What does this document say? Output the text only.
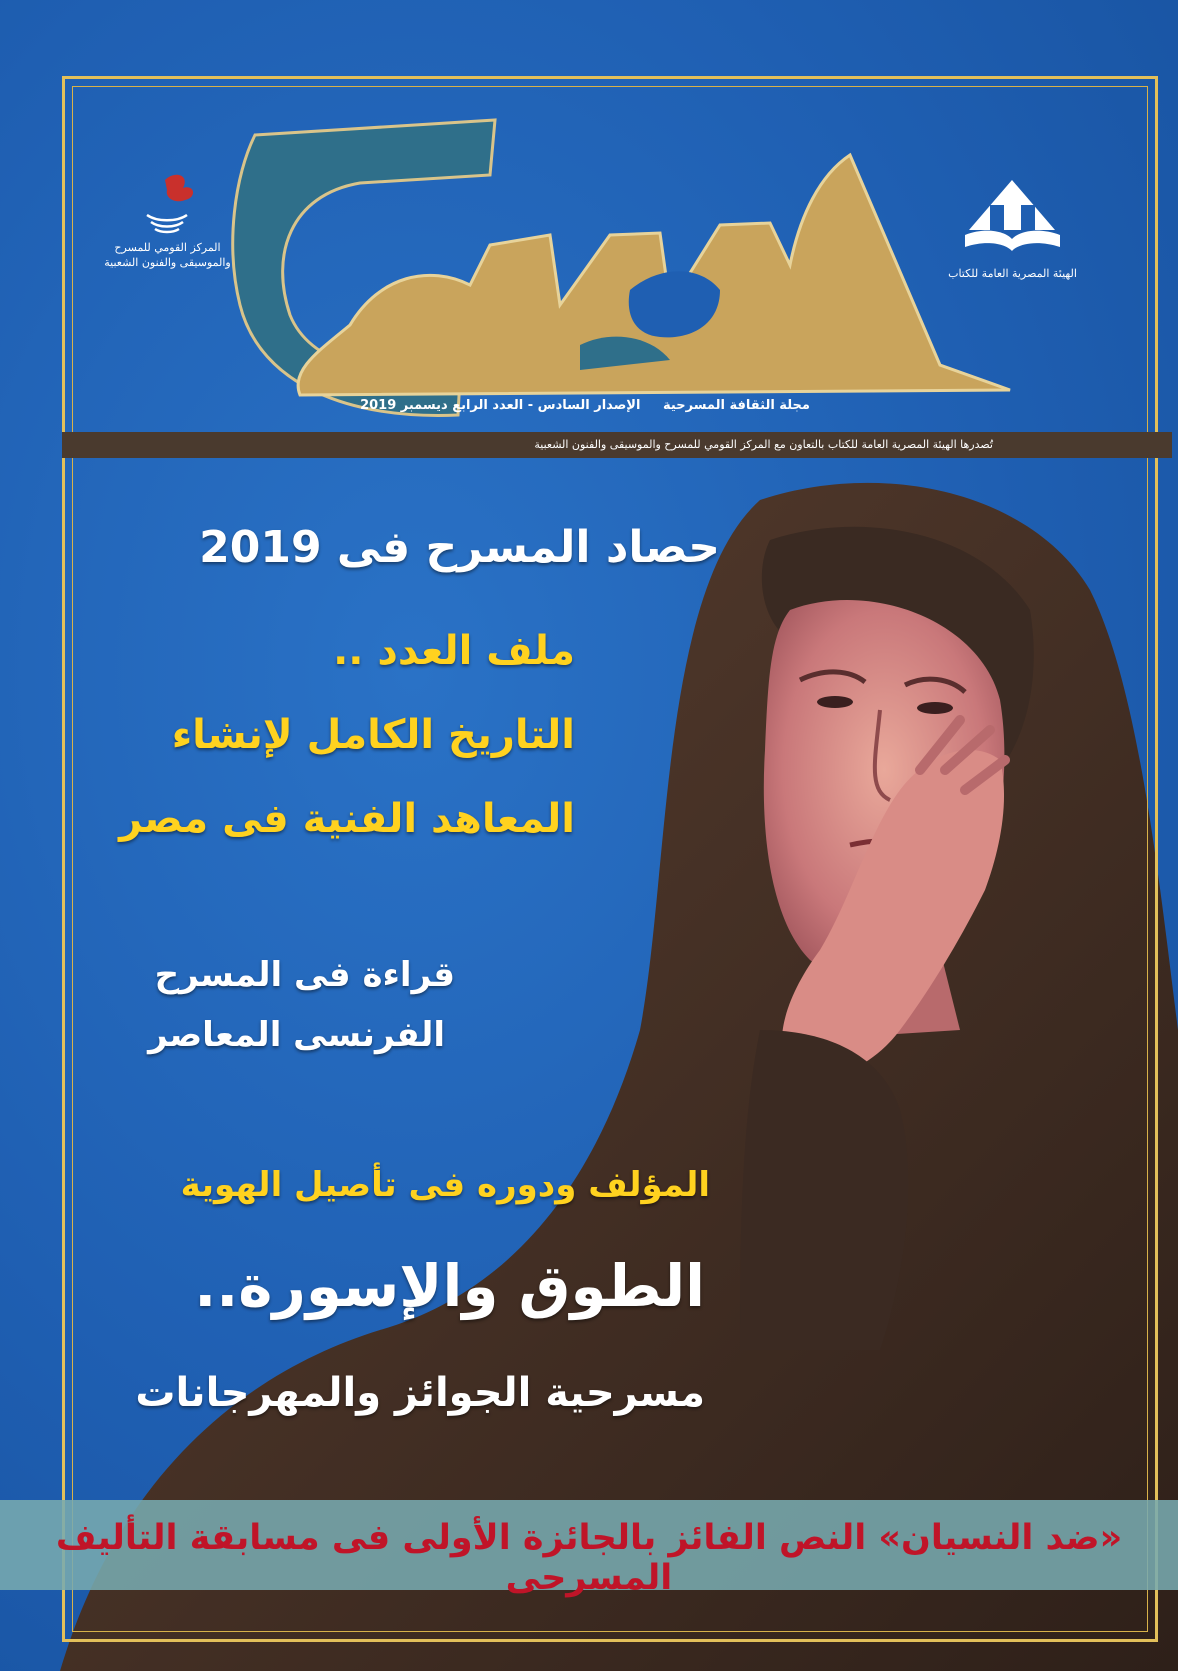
المركز القومي للمسرح والموسيقى والفنون الشعبية
الهيئة المصرية العامة للكتاب
المسرح
مجلة الثقافة المسرحية     الإصدار السادس - العدد الرابع ديسمبر 2019
تُصدرها الهيئة المصرية العامة للكتاب بالتعاون مع المركز القومي للمسرح والموسيقى والفنون الشعبية
حصاد المسرح فى 2019
ملف العدد ..
التاريخ الكامل لإنشاء
المعاهد الفنية فى مصر
قراءة فى المسرح
الفرنسى المعاصر
المؤلف ودوره فى تأصيل الهوية
الطوق والإسورة..
مسرحية الجوائز والمهرجانات
«ضد النسيان» النص الفائز بالجائزة الأولى فى مسابقة التأليف المسرحى
